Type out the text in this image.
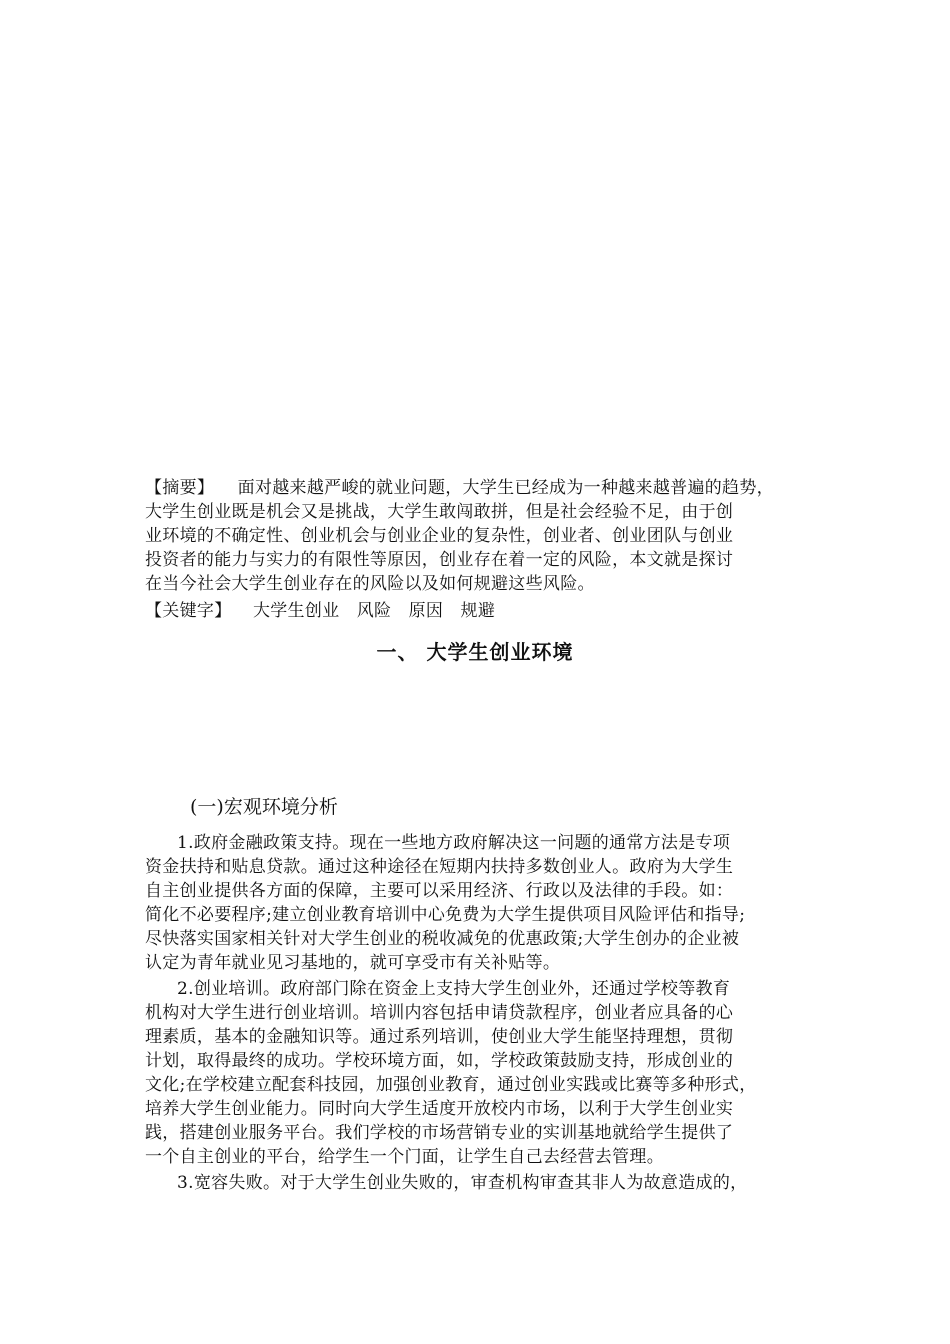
【摘要】 面对越来越严峻的就业问题，大学生已经成为一种越来越普遍的趋势，
大学生创业既是机会又是挑战，大学生敢闯敢拼，但是社会经验不足，由于创
业环境的不确定性、创业机会与创业企业的复杂性，创业者、创业团队与创业
投资者的能力与实力的有限性等原因，创业存在着一定的风险，本文就是探讨
在当今社会大学生创业存在的风险以及如何规避这些风险。
【关键字】 大学生创业　风险　原因　规避
一、 大学生创业环境
(一)宏观环境分析
1.政府金融政策支持。现在一些地方政府解决这一问题的通常方法是专项
资金扶持和贴息贷款。通过这种途径在短期内扶持多数创业人。政府为大学生
自主创业提供各方面的保障，主要可以采用经济、行政以及法律的手段。如：
简化不必要程序;建立创业教育培训中心免费为大学生提供项目风险评估和指导;
尽快落实国家相关针对大学生创业的税收减免的优惠政策;大学生创办的企业被
认定为青年就业见习基地的，就可享受市有关补贴等。
2.创业培训。政府部门除在资金上支持大学生创业外，还通过学校等教育
机构对大学生进行创业培训。培训内容包括申请贷款程序，创业者应具备的心
理素质，基本的金融知识等。通过系列培训，使创业大学生能坚持理想，贯彻
计划，取得最终的成功。学校环境方面，如，学校政策鼓励支持，形成创业的
文化;在学校建立配套科技园，加强创业教育，通过创业实践或比赛等多种形式，
培养大学生创业能力。同时向大学生适度开放校内市场，以利于大学生创业实
践，搭建创业服务平台。我们学校的市场营销专业的实训基地就给学生提供了
一个自主创业的平台，给学生一个门面，让学生自己去经营去管理。
3.宽容失败。对于大学生创业失败的，审查机构审查其非人为故意造成的，
